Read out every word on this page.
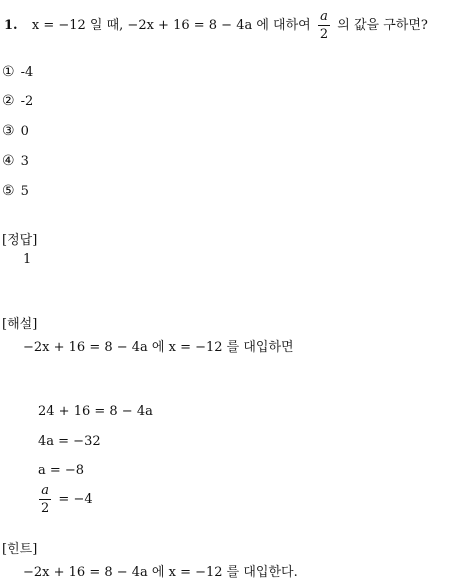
1. x = −12 일 때, −2x + 16 = 8 − 4a 에 대하여 $\frac{a}{2}$ 의 값을 구하면?
① -4
② -2
③ 0
④ 3
⑤ 5
[정답]
1
[해설]
−2x + 16 = 8 − 4a 에 x = −12 를 대입하면
24 + 16 = 8 − 4a
4a = −32
a = −8
$\frac{a}{2} = -4$
[힌트]
−2x + 16 = 8 − 4a 에 x = −12 를 대입한다.
